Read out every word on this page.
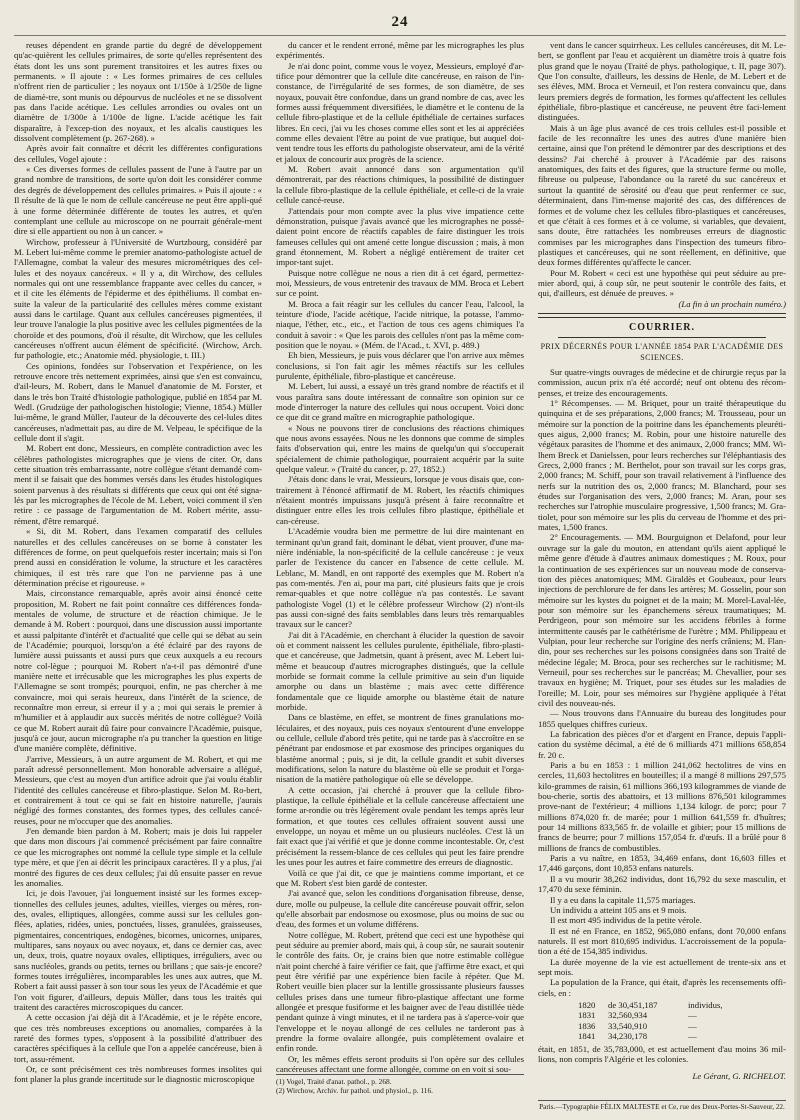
24

reuses dépendent en grande partie du degré de développement qu'ac-quièrent les cellules primaires, de sorte qu'elles représentent des états dont les uns sont purement transitoires et les autres fixes ou permanents. » Il ajoute : « Les formes primaires de ces cellules n'offrent rien de particulier ; les noyaux ont 1/150e à 1/250e de ligne de diamè-tre, sont munis ou dépourvus de nucléoles et ne se dissolvent pas dans l'acide acétique. Les cellules arrondies ou ovales ont un diamètre de 1/300e à 1/100e de ligne. L'acide acétique les fait disparaître, à l'excep-tion des noyaux, et les alcalis caustiques les dissolvent complètement (p. 267-268). »

Après avoir fait connaître et décrit les différentes configurations des cellules, Vogel ajoute :

« Ces diverses formes de cellules passent de l'une à l'autre par un grand nombre de transitions, de sorte qu'on doit les considérer comme des degrés de développement des cellules primaires. » Puis il ajoute : « Il résulte de là que le nom de cellule cancéreuse ne peut être appli-qué à une forme déterminée différente de toutes les autres, et qu'en contemplant une cellule au microscope on ne pourrait générale-ment dire si elle appartient ou non à un cancer. »

Wirchow, professeur à l'Université de Wurtzbourg, considéré par M. Lebert lui-même comme le premier anatomo-pathologiste actuel de l'Allemagne, combat la valeur des mesures micrométriques des cel-lules et des noyaux cancéreux. « Il y a, dit Wirchow, des cellules normales qui ont une ressemblance frappante avec celles du cancer, » et il cite les éléments de l'épiderme et des épithéliums. Il combat en-suite la valeur de la particularité des cellules mères comme existant aussi dans le cartilage. Quant aux cellules cancéreuses pigmentées, il leur trouve l'analogie la plus positive avec les cellules pigmentées de la choroïde et des poumons, d'où il résulte, dit Wirchow, que les cellules cancéreuses n'offrent aucun élément de spécificité. (Wirchow, Arch. fur pathologie, etc.; Anatomie méd. physiologie, t. III.)

Ces opinions, fondées sur l'observation et l'expérience, on les retrouve encore très nettement exprimées, ainsi que s'en est convaincu, d'ail-leurs, M. Robert, dans le Manuel d'anatomie de M. Forster, et dans le très bon Traité d'histologie pathologique, publié en 1854 par M. Wedl. (Grudzüge der pathologischen histologie; Vienne, 1854.) Müller lui-même, le grand Müller, l'auteur de la découverte des cel-lules dites cancéreuses, n'admettait pas, au dire de M. Velpeau, le spécifique de la cellule dont il s'agit.

M. Robert ent donc, Messieurs, en complète contradiction avec les célèbres pathologistes micrographes que je viens de citer. Or, dans cette situation très embarrassante, notre collègue s'étant demandé com-ment il se faisait que des hommes versés dans les études histologiques soient parvenus à des résultats si différents que ceux qui ont été signa-lés par les micrographes de l'école de M. Lebert, voici comment il s'en retire : ce passage de l'argumentation de M. Robert mérite, assu-rément, d'être remarqué.

« Si, dit M. Robert, dans l'examen comparatif des cellules naturelles et des cellules cancéreuses on se borne à constater les différences de forme, on peut quelquefois rester incertain; mais si l'on prend aussi en considération le volume, la structure et les caractères chimiques, il est très rare que l'on ne parvienne pas à une détermination précise et rigoureuse. »

Mais, circonstance remarquable, après avoir ainsi énoncé cette proposition, M. Robert ne fait point connaître ces différences fonda-mentales de volume, de structure et de réaction chimique. Je le demande à M. Robert : pourquoi, dans une discussion aussi importante et aussi palpitante d'intérêt et d'actualité que celle qui se débat au sein de l'Académie; pourquoi, lorsqu'on a été éclairé par des rayons de lumière aussi puissants et aussi purs que ceux auxquels a eu recours notre col-lègue ; pourquoi M. Robert n'a-t-il pas démontré d'une manière nette et irrécusable que les micrographes les plus experts de l'Allemagne se sont trompés; pourquoi, enfin, ne pas chercher à me convaincre, moi qui serais heureux, dans l'intérêt de la science, de reconnaître mon erreur, si erreur il y a ; moi qui serais le premier à m'humilier et à applaudir aux succès mérités de notre collègue? Voilà ce que M. Robert aurait dû faire pour convaincre l'Académie, puisque, jusqu'à ce jour, aucun micrographe n'a pu trancher la question en litige d'une manière complète, définitive.

J'arrive, Messieurs, à un autre argument de M. Robert, et qui me paraît adressé personnellement. Mon honorable adversaire a allégué, Messieurs, que c'est au moyen d'un artifice adroit que j'ai voulu établir l'identité des cellules cancéreuse et fibro-plastique. Selon M. Ro-bert, et contrairement à tout ce qui se fait en histoire naturelle, j'aurais négligé des formes constantes, des formes types, des cellules cancé-reuses, pour ne m'occuper que des anomalies.

J'en demande bien pardon à M. Robert; mais je dois lui rappeler que dans mon discours j'ai commencé précisément par faire connaître ce que les micrographes ont nommé la cellule type simple et la cellule type mère, et que j'en ai décrit les principaux caractères. Il y a plus, j'ai montré des figures de ces deux cellules; j'ai dû ensuite passer en revue les anomalies.

Ici, je dois l'avouer, j'ai longuement insisté sur les formes excep-tionnelles des cellules jeunes, adultes, vieilles, vierges ou mères, ron-des, ovales, elliptiques, allongées, comme aussi sur les cellules gon-flées, aplaties, ridées, unies, ponctuées, lisses, granulées, graisseuses, pigmentaires, concentriques, endogènes, bicornes, unicornes, unipares, multipares, sans noyaux ou avec noyaux, et, dans ce dernier cas, avec un, deux, trois, quatre noyaux ovales, elliptiques, irréguliers, avec ou sans nucléoles, grands ou petits, ternes ou brillans ; que sais-je encore? formes toutes irrégulières, incomparables les unes aux autres, que M. Robert a fait aussi passer à son tour sous les yeux de l'Académie et que l'on voit figurer, d'ailleurs, depuis Müller, dans tous les traités qui traitent des caractères microscopiques du cancer.

A cette occasion j'ai déjà dit à l'Académie, et je le répète encore, que ces très nombreuses exceptions ou anomalies, comparées à la rareté des formes types, s'opposent à la possibilité d'attribuer des caractères spécifiques à la cellule que l'on a appelée cancéreuse, bien à tort, assu-rément.

Or, ce sont précisément ces très nombreuses formes insolites qui font planer la plus grande incertitude sur le diagnostic microscopique

du cancer et le rendent erroné, même par les micrographes les plus expérimentés.

Je n'ai donc point, comme vous le voyez, Messieurs, employé d'ar-tifice pour démontrer que la cellule dite cancéreuse, en raison de l'in-constance, de l'irrégularité de ses formes, de son diamètre, de ses noyaux, pouvait être confondue, dans un grand nombre de cas, avec les formes aussi fréquemment diversifiées, le diamètre et le contenu de la cellule fibro-plastique et de la cellule épithéliale de certaines surfaces libres. En ceci, j'ai vu les choses comme elles sont et les ai appréciées comme elles devaient l'être au point de vue pratique, but auquel doi-vent tendre tous les efforts du pathologiste observateur, ami de la vérité et jaloux de concourir aux progrès de la science.

M. Robert avait annoncé dans son argumentation qu'il démontrerait, par des réactions chimiques, la possibilité de distinguer la cellule fibro-plastique de la cellule épithéliale, et celle-ci de la vraie cellule cancé-reuse.

J'attendais pour mon compte avec la plus vive impatience cette démonstration, puisque j'avais avancé que les micrographes ne possé-daient point encore de réactifs capables de faire distinguer les trois fameuses cellules qui ont amené cette longue discussion ; mais, à mon grand étonnement, M. Robert a négligé entièrement de traiter cet impor-tant sujet.

Puisque notre collègue ne nous a rien dit à cet égard, permettez-moi, Messieurs, de vous entretenir des travaux de MM. Broca et Lebert sur ce point.

M. Broca a fait réagir sur les cellules du cancer l'eau, l'alcool, la teinture d'iode, l'acide acétique, l'acide nitrique, la potasse, l'ammo-niaque, l'éther, etc., etc., et l'action de tous ces agens chimiques l'a conduit à savoir : « Que les parois des cellules n'ont pas la même com-position que le noyau. » (Mém. de l'Acad., t. XVI, p. 489.)

Eh bien, Messieurs, je puis vous déclarer que l'on arrive aux mêmes conclusions, si l'on fait agir les mêmes réactifs sur les cellules purulente, épithéliale, fibro-plastique et cancéreuse.

M. Lebert, lui aussi, a essayé un très grand nombre de réactifs et il vous paraîtra sans doute intéressant de connaître son opinion sur ce mode d'interroger la nature des cellules qui nous occupent. Voici donc ce que dit ce grand maître en micrographie pathologique.

« Nous ne pouvons tirer de conclusions des réactions chimiques que nous avons essayées. Nous ne les donnons que comme de simples faits d'observation qui, entre les mains de quelqu'un qui s'occuperait spécialement de chimie pathologique, pourraient acquérir par la suite quelque valeur. » (Traité du cancer, p. 27, 1852.)

J'étais donc dans le vrai, Messieurs, lorsque je vous disais que, con-trairement à l'énoncé affirmatif de M. Robert, les réactifs chimiques n'étaient montrés impuissans jusqu'à présent à faire reconnaître et distinguer entre elles les trois cellules fibro plastique, épithéliale et can-céreuse.

L'Académie voudra bien me permettre de lui dire maintenant en terminant qu'un grand fait, dominant le débat, vient prouver, d'une ma-nière indéniable, la non-spécificité de la cellule cancéreuse : je veux parler de l'existence du cancer en l'absence de cette cellule. M. Leblanc, M. Mandl, en ont rapporté des exemples que M. Robert n'a pas com-mentés. J'en ai, pour ma part, cité plusieurs faits que je crois remar-quables et que notre collègue n'a pas contestés. Le savant pathologiste Vogel (1) et le célèbre professeur Wirchow (2) n'ont-ils pas aussi con-signé des faits semblables dans leurs très remarquables travaux sur le cancer?

J'ai dit à l'Académie, en cherchant à élucider la question de savoir où et comment naissent les cellules purulente, épithéliale, fibro-plasti-que et cancéreuse, que Jadmetsin, quant à présent, avec M. Lebert lui-même et beaucoup d'autres micrographes distingués, que la cellule morbide se formait comme la cellule primitive au sein d'un liquide amorphe ou dans un blastème ; mais avec cette différence fondamentale que ce liquide amorphe ou blastème était de nature morbide.

Dans ce blastème, en effet, se montrent de fines granulations mo-léculaires, et des noyaux, puis ces noyaux s'entourent d'une enveloppe ou cellule, cellule d'abord très petite, qui ne tarde pas à s'accroître en se pénétrant par endosmose et par exosmose des principes organiques du blastème anormal ; puis, si je dit, la cellule grandit et subit diverses modifications, selon la nature du blastème où elle se produit et l'orga-nisation de la matière pathologique où elle se développe.

A cette occasion, j'ai cherché à prouver que la cellule fibro-plastique, la cellule épithéliale et la cellule cancéreuse affectaient une forme ar-rondie ou très légèrement ovale pendant les temps après leur formation, et que toutes ces cellules offraient souvent aussi une enveloppe, un noyau et même un ou plusieurs nucléoles. C'est là un fait exact que j'ai vérifié et que je donne comme incontestable. Or, c'est précisément la ressem-blance de ces cellules qui peut les faire prendre les unes pour les autres et faire commettre des erreurs de diagnostic.

Voilà ce que j'ai dit, ce que je maintiens comme important, et ce que M. Robert s'est bien gardé de contester.

J'ai avancé que, selon les conditions d'organisation fibreuse, dense, dure, molle ou pulpeuse, la cellule dite cancéreuse pouvait offrir, selon qu'elle absorbait par endosmose ou exosmose, plus ou moins de suc ou d'eau, des formes et un volume différens.

Notre collègue, M. Robert, prétend que ceci est une hypothèse qui peut séduire au premier abord, mais qui, à coup sûr, ne saurait soutenir le contrôle des faits. Or, je crains bien que notre estimable collègue n'ait point cherché à faire vérifier ce fait, que j'affirme être exact, et qui peut être vérifié par une expérience bien facile à répéter. Que M. Robert veuille bien placer sur la lentille grossissante plusieurs fausses cellules prises dans une tumeur fibro-plastique affectant une forme allongée et presque fusiforme et les baigner avec de l'eau distillée tiède pendant quinze à vingt minutes, et il ne tardera pas à s'aperce-voir que l'enveloppe et le noyau allongé de ces cellules ne tarderont pas à prendre la forme ovalaire allongée, puis complètement ovalaire et enfin ronde.

Or, les mêmes effets seront produits si l'on opère sur des cellules cancéreuses affectant une forme allongée, comme on en voit si sou-

vent dans le cancer squirrheux. Les cellules cancéreuses, dit M. Le-bert, se gonflent par l'eau et acquièrent un diamètre trois à quatre fois plus grand que le noyau (Traité de phys. pathologique, t. II, page 307). Que l'on consulte, d'ailleurs, les dessins de Henle, de M. Lebert et de ses élèves, MM. Broca et Verneuil, et l'on restera convaincu que, dans leurs premiers degrés de formation, les formes qu'affectent les cellules épithéliale, fibro-plastique et cancéreuse, ne peuvent être faci-lement distinguées.

Mais à un âge plus avancé de ces trois cellules est-il possible et facile de les reconnaître les unes des autres d'une manière bien certaine, ainsi que l'on prétend le démontrer par des descriptions et des dessins? J'ai cherché à prouver à l'Académie par des raisons anatomiques, des faits et des figures, que la structure ferme ou molle, fibreuse ou pulpeuse, l'abondance ou la rareté du suc cancéreux et surtout la quantité de sérosité ou d'eau que peut renfermer ce suc, déterminaient, dans l'im-mense majorité des cas, des différences de formes et de volume chez les cellules fibro-plastiques et cancéreuses, et que c'était à ces formes et à ce volume, si variables, que devaient, sans doute, être rattachées les nombreuses erreurs de diagnostic commises par les micrographes dans l'inspection des tumeurs fibro-plastiques et cancéreuses, qui ne sont réellement, en définitive, que deux formes différentes qu'affecte le cancer.

Pour M. Robert « ceci est une hypothèse qui peut séduire au pre-mier abord, qui, à coup sûr, ne peut soutenir le contrôle des faits, et qui, d'ailleurs, est dénuée de preuves. »

(La fin à un prochain numéro.)

COURRIER.
PRIX DÉCERNÉS POUR L'ANNÉE 1854 PAR L'ACADÉMIE DES SCIENCES.

Sur quatre-vingts ouvrages de médecine et de chirurgie reçus par la commission, aucun prix n'a été accordé; neuf ont obtenu des récom-penses, et treize des encouragements.

1° Récompenses. — M. Briquet, pour un traité thérapeutique du quinquina et de ses préparations, 2,000 francs; M. Trousseau, pour un mémoire sur la ponction de la poitrine dans les épanchements pleuréti-ques aigus, 2,000 francs; M. Robin, pour une histoire naturelle des végétaux parasites de l'homme et des animaux, 2,000 francs; MM. Wi-lhem Breck et Danielssen, pour leurs recherches sur l'éléphantiasis des Grecs, 2,000 francs ; M. Berthelot, pour son travail sur les corps gras, 2,000 francs; M. Schiff, pour son travail relativement à l'influence des nerfs sur la nutrition des os, 2,000 francs; M. Blanchard, pour ses études sur l'organisation des vers, 2,000 francs; M. Aran, pour ses recherches sur l'atrophie musculaire progressive, 1,500 francs; M. Gra-tiolet, pour son mémoire sur les plis du cerveau de l'homme et des pri-mates, 1,500 francs.

2° Encouragements. — MM. Bourguignon et Delafond, pour leur ouvrage sur la gale du mouton, en attendant qu'ils aient appliqué le même genre d'étude à d'autres animaux domestiques ; M. Roux, pour la continuation de ses expériences sur un nouveau mode de conserva-tion des pièces anatomiques; MM. Giraldès et Goubeaux, pour leurs injections de perchlorure de fer dans les artères; M. Gosselin, pour son mémoire sur les kystes du poignet et de la main; M. Morel-Laval-lée, pour son mémoire sur les épanchemens séreux traumatiques; M. Perdrigeon, pour son mémoire sur les accidens fébriles à forme intermittente causés par le cathétérisme de l'urètre ; MM. Philippeau et Vulpian, pour leur recherche sur l'origine des nerfs crâniens; M. Flan-din, pour ses recherches sur les poisons consignées dans son Traité de médecine légale; M. Broca, pour ses recherches sur le rachitisme; M. Verneuil, pour ses recherches sur le pancréas; M. Chevallier, pour ses travaux en hygiène; M. Triquet, pour ses études sur les maladies de l'oreille; M. Loir, pour ses mémoires sur l'hygiène appliquée à l'état civil des nouveau-nés.

— Nous trouvons dans l'Annuaire du bureau des longitudes pour 1855 quelques chiffres curieux.

La fabrication des pièces d'or et d'argent en France, depuis l'appli-cation du système décimal, a été de 6 milliards 471 millions 658,854 fr. 20 c.

Paris a bu en 1853 : 1 million 241,062 hectolitres de vins en cercles, 11,603 hectolitres en bouteilles; il a mangé 8 millions 297,575 kilo-grammes de raisin, 61 millions 366,193 kilogrammes de viande de bou-cherie, sortis des abattoirs, et 13 millions 876,501 kilogrammes prove-nant de l'extérieur; 4 millions 1,134 kilogr. de porc; pour 7 millions 874,020 fr. de marée; pour 1 million 641,559 fr. d'huîtres; pour 14 millions 833,565 fr. de volaille et gibier; pour 15 millions de francs de beurre; pour 7 millions 157,054 fr. d'œufs. Il a brûlé pour 8 millions de francs de combustibles.

Paris a vu naître, en 1853, 34,469 enfans, dont 16,603 filles et 17,446 garçons, dont 10,853 enfans naturels.

Il a vu mourir 38,262 individus, dont 16,792 du sexe masculin, et 17,470 du sexe féminin.

Il y a eu dans la capitale 11,575 mariages.

Un individu a atteint 105 ans et 9 mois.

Il est mort 495 individus de la petite vérole.

Il est né en France, en 1852, 965,080 enfans, dont 70,000 enfans naturels. Il est mort 810,695 individus. L'accroissement de la popula-tion a été de 154,385 individus.

La durée moyenne de la vie est actuellement de trente-six ans et sept mois.

La population de la France, qui était, d'après les recensements offi-ciels, en :

1820 de 30,451,187	individus,
1831 32,560,934	—
1836 33,540,910	—
1841 34,230,178	—

était, en 1851, de 35,783,000, et est actuellement d'au moins 36 mil-lions, non compris l'Algérie et les colonies.

Le Gérant, G. RICHELOT.
(1) Vogel, Traité d'anat. pathol., p. 268.
(2) Wirchow, Archiv. fur pathol. und physiol., p. 116.
Paris.—Typographie FÉLIX MALTESTE et Ce, rue des Deux-Portes-St-Sauveur, 22.
